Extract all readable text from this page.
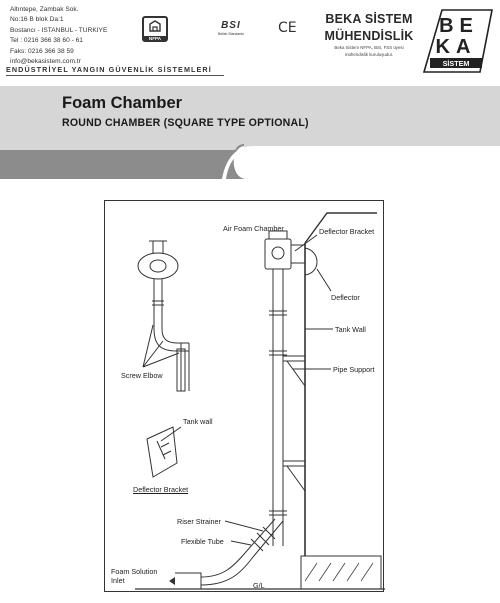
Altıntepe, Zambak Sok.
No:16 B blok Da:1
Bostancı - ISTANBUL - TURKIYE
Tel : 0216 366 38 60 - 61
Faks: 0216 366 38 59
info@bekasistem.com.tr
ENDÜSTRİYEL YANGIN GÜVENLİK SİSTEMLERİ
NFPA
BSI
British Standards CE
BEKA SİSTEM
MÜHENDİSLİK
Beka Sistem NFPA, BSI, FSS üyesi
mühendislik kuruluşudur.
BE
KA
SİSTEM
Foam Chamber
ROUND CHAMBER (SQUARE TYPE OPTIONAL)
Air Foam Chamber	Deflector Bracket
Deflector
Tank Wall
Pipe Support
Screw Elbow
Tank wall
Deflector Bracket
Riser Strainer
Flexible Tube
Foam Solution
Inlet
G/L
